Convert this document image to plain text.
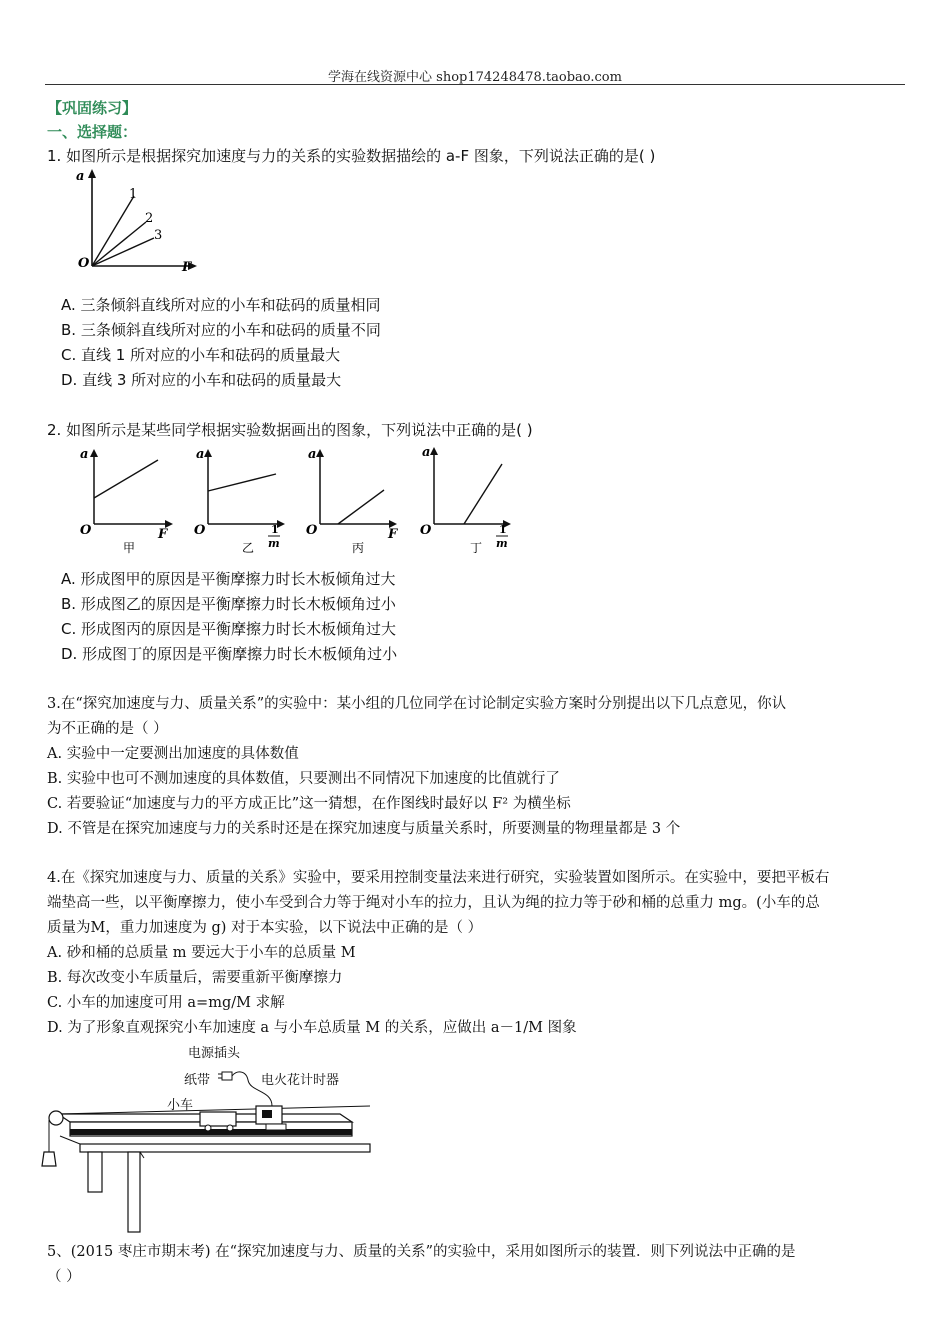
学海在线资源中心 shop174248478.taobao.com
【巩固练习】
一、选择题：
1. 如图所示是根据探究加速度与力的关系的实验数据描绘的 a-F 图象，下列说法正确的是( )
a
O	F
1
2
3
A. 三条倾斜直线所对应的小车和砝码的质量相同
B. 三条倾斜直线所对应的小车和砝码的质量不同
C. 直线 1 所对应的小车和砝码的质量最大
D. 直线 3 所对应的小车和砝码的质量最大
2. 如图所示是某些同学根据实验数据画出的图象，下列说法中正确的是( )
a
O	F
甲
a
O	1
m
乙
a
O	F
丙
a
O	1
m
丁
A. 形成图甲的原因是平衡摩擦力时长木板倾角过大
B. 形成图乙的原因是平衡摩擦力时长木板倾角过小
C. 形成图丙的原因是平衡摩擦力时长木板倾角过大
D. 形成图丁的原因是平衡摩擦力时长木板倾角过小
3.在“探究加速度与力、质量关系”的实验中：某小组的几位同学在讨论制定实验方案时分别提出以下几点意见，你认
为不正确的是（ ）
A. 实验中一定要测出加速度的具体数值
B. 实验中也可不测加速度的具体数值，只要测出不同情况下加速度的比值就行了
C. 若要验证“加速度与力的平方成正比”这一猜想，在作图线时最好以 F² 为横坐标
D. 不管是在探究加速度与力的关系时还是在探究加速度与质量关系时，所要测量的物理量都是 3 个
4.在《探究加速度与力、质量的关系》实验中，要采用控制变量法来进行研究，实验装置如图所示。在实验中，要把平板右
端垫高一些，以平衡摩擦力，使小车受到合力等于绳对小车的拉力，且认为绳的拉力等于砂和桶的总重力 mg。(小车的总
质量为M，重力加速度为 g) 对于本实验，以下说法中正确的是（ ）
A. 砂和桶的总质量 m 要远大于小车的总质量 M
B. 每次改变小车质量后，需要重新平衡摩擦力
C. 小车的加速度可用 a=mg/M 求解
D. 为了形象直观探究小车加速度 a 与小车总质量 M 的关系，应做出 a－1/M 图象
电源插头
纸带	电火花计时器
小车
5、(2015 枣庄市期末考) 在“探究加速度与力、质量的关系”的实验中，采用如图所示的装置．则下列说法中正确的是
（ ）
